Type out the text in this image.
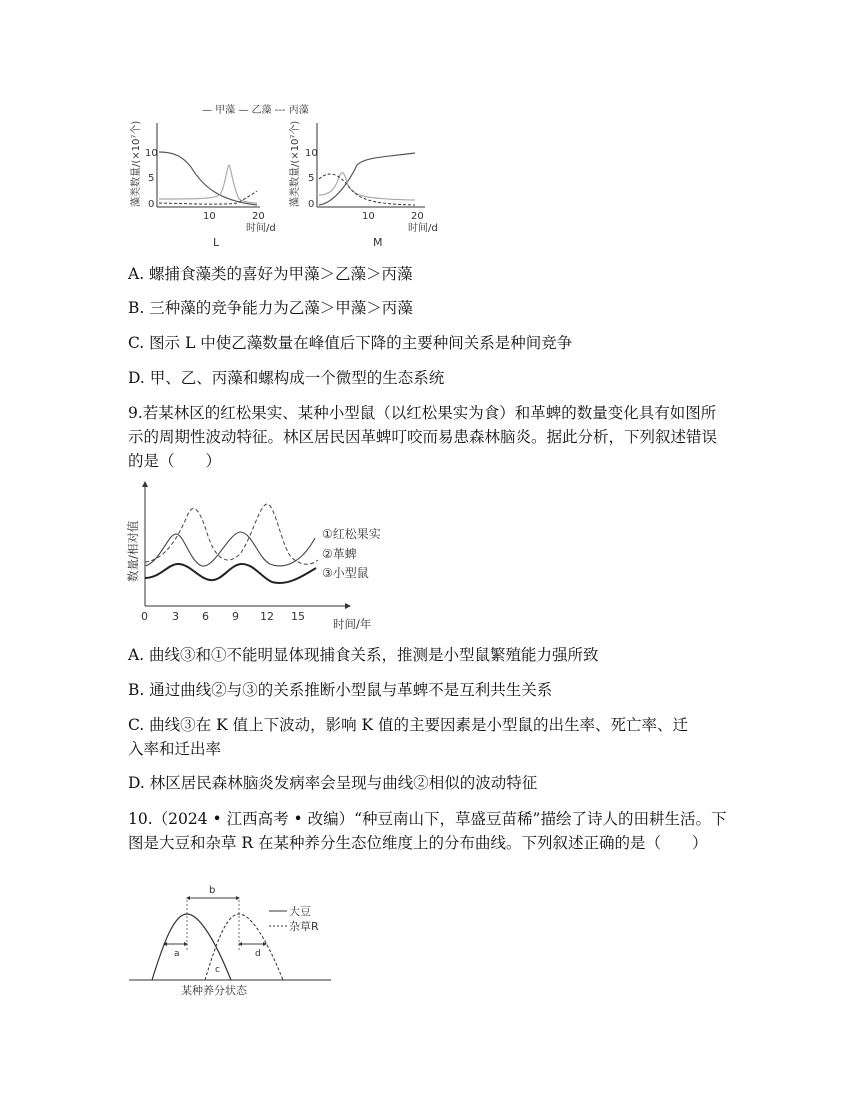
— 甲藻 — 乙藻 --- 丙藻
10
5
0
10	20
时间/d
L
藻类数量/(×10⁷个)	10
5
0
10	20
时间/d
M
藻类数量/(×10⁷个)
A. 螺捕食藻类的喜好为甲藻＞乙藻＞丙藻
B. 三种藻的竞争能力为乙藻＞甲藻＞丙藻
C. 图示 L 中使乙藻数量在峰值后下降的主要种间关系是种间竞争
D. 甲、乙、丙藻和螺构成一个微型的生态系统
9.若某林区的红松果实、某种小型鼠（以红松果实为食）和革蜱的数量变化具有如图所示的周期性波动特征。林区居民因革蜱叮咬而易患森林脑炎。据此分析，下列叙述错误的是（　　）
数量/相对值
时间/年
0 3 6 9 12 15
①红松果实
②革蜱
③小型鼠
A. 曲线③和①不能明显体现捕食关系，推测是小型鼠繁殖能力强所致
B. 通过曲线②与③的关系推断小型鼠与革蜱不是互利共生关系
C. 曲线③在 K 值上下波动，影响 K 值的主要因素是小型鼠的出生率、死亡率、迁
入率和迁出率
D. 林区居民森林脑炎发病率会呈现与曲线②相似的波动特征
10.（2024 • 江西高考 • 改编）“种豆南山下，草盛豆苗稀”描绘了诗人的田耕生活。下图是大豆和杂草 R 在某种养分生态位维度上的分布曲线。下列叙述正确的是（　　）
b
a
c
d
大豆
杂草R
某种养分状态
